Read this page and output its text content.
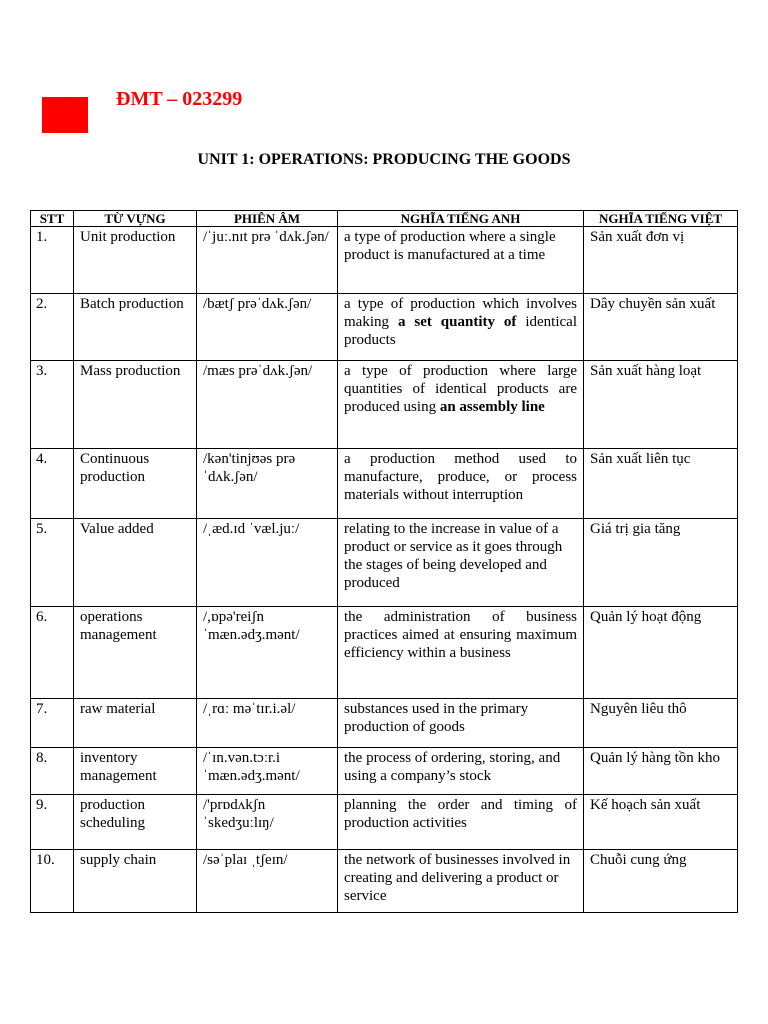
ĐMT – 023299
UNIT 1: OPERATIONS: PRODUCING THE GOODS
STT	TỪ VỰNG	PHIÊN ÂM	NGHĨA TIẾNG ANH	NGHĨA TIẾNG VIỆT
1.	Unit production	/ˈjuː.nɪt prə ˈdʌk.ʃən/	a type of production where a single product is manufactured at a time	Sản xuất đơn vị
2.	Batch production	/bætʃ prəˈdʌk.ʃən/	a type of production which involves making a set quantity of identical products	Dây chuyền sản xuất
3.	Mass production	/mæs prəˈdʌk.ʃən/	a type of production where large quantities of identical products are produced using an assembly line	Sản xuất hàng loạt
4.	Continuous production	/kən'tinjʊəs prəˈdʌk.ʃən/	a production method used to manufacture, produce, or process materials without interruption	Sản xuất liên tục
5.	Value added	/ˌæd.ɪd ˈvæl.juː/	relating to the increase in value of a product or service as it goes through the stages of being developed and produced	Giá trị gia tăng
6.	operations management	/,ɒpə'reiʃn ˈmæn.ədʒ.mənt/	the administration of business practices aimed at ensuring maximum efficiency within a business	Quản lý hoạt động
7.	raw material	/ˌrɑː məˈtɪr.i.əl/	substances used in the primary production of goods	Nguyên liêu thô
8.	inventory management	/ˈɪn.vən.tɔːr.i ˈmæn.ədʒ.mənt/	the process of ordering, storing, and using a company’s stock	Quản lý hàng tồn kho
9.	production scheduling	/'prɒdʌkʃn ˈskedʒuːlɪŋ/	planning the order and timing of production activities	Kế hoạch sản xuất
10.	supply chain	/səˈplaɪ ˌtʃeɪn/	the network of businesses involved in creating and delivering a product or service	Chuỗi cung ứng
